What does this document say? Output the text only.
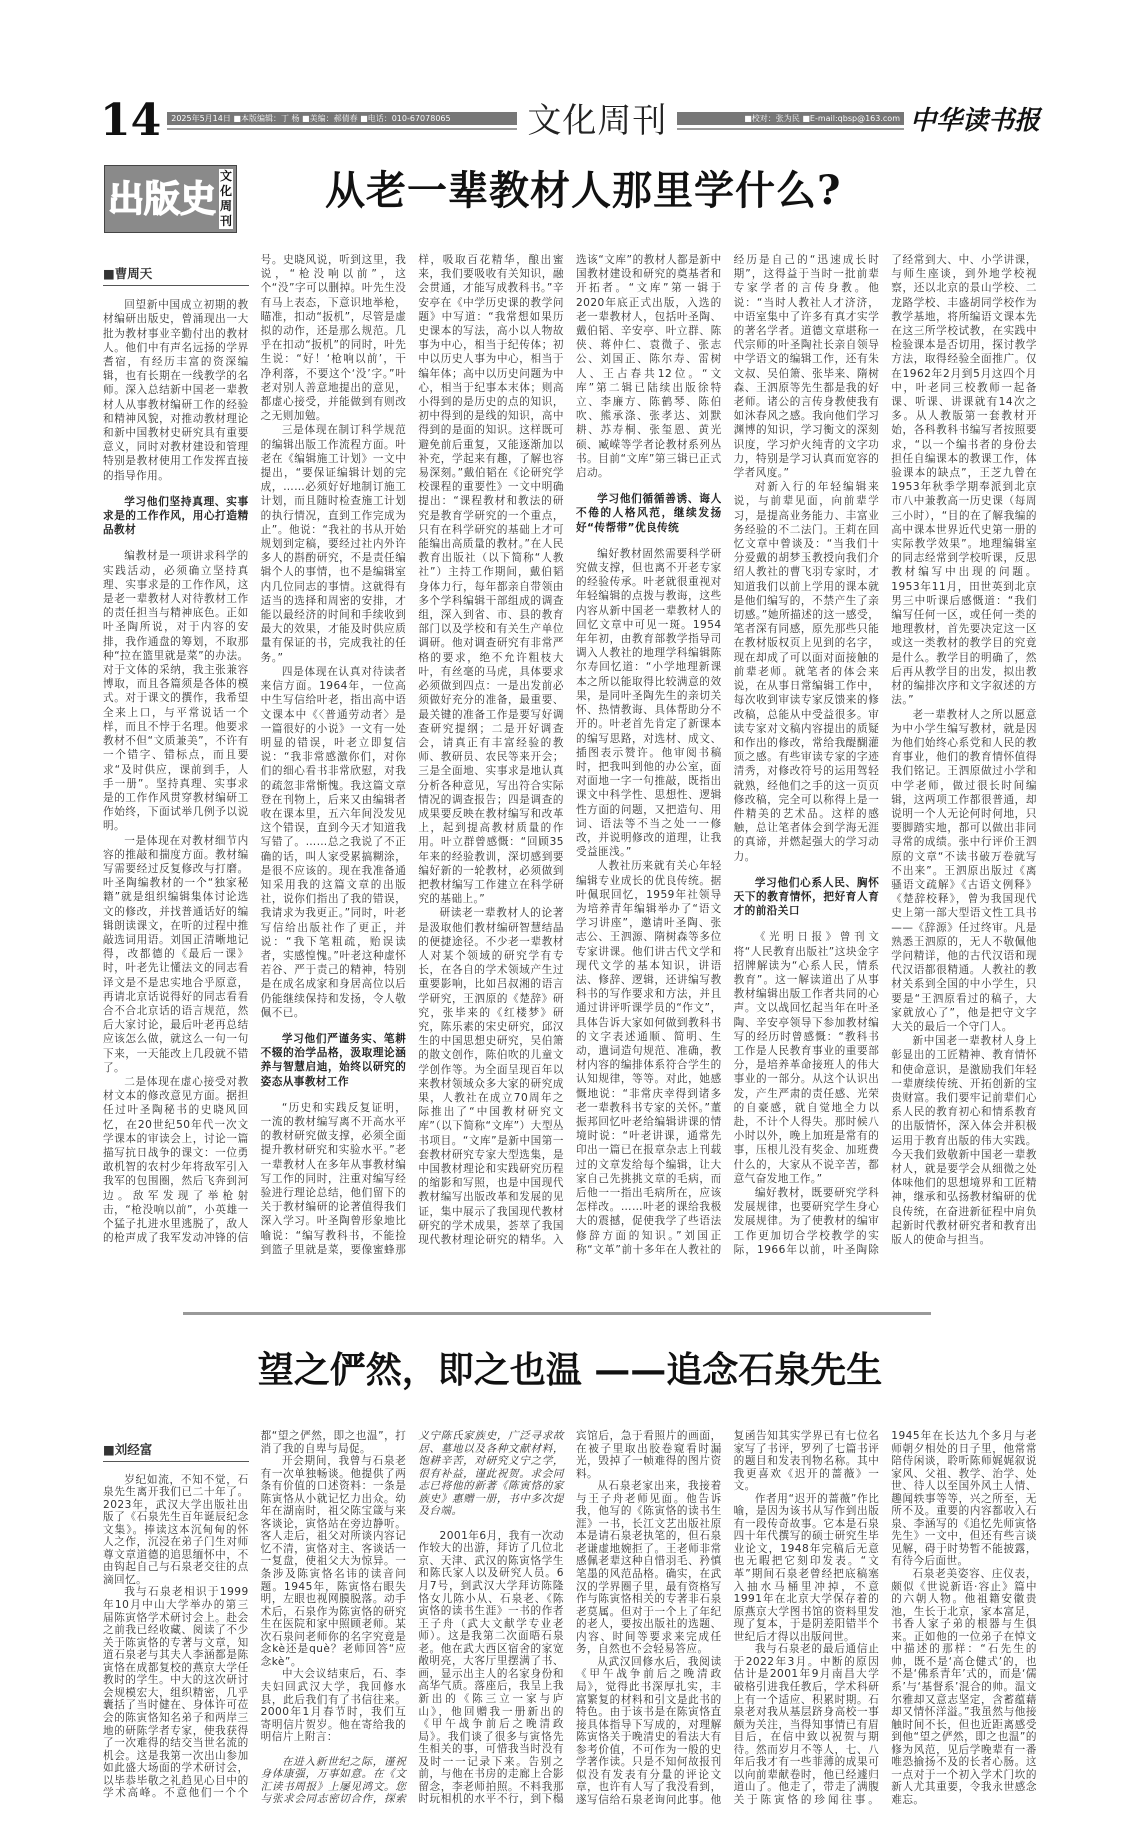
14	2025年5月14日 ■本版编辑：丁 杨 ■美编：郝倩春 ■电话：010-67078065	文化周刊	■校对：张为民 ■E-mail:qbsp@163.com 中华读书报
出版史
文化周刊
从老一辈教材人那里学什么?
■曹周天

回望新中国成立初期的教材编研出版史，曾涌现出一大批为教材事业辛勤付出的教材人。他们中有声名远扬的学界耆宿，有经历丰富的资深编辑，也有长期在一线教学的名师。深入总结新中国老一辈教材人从事教材编研工作的经验和精神风貌，对推动教材理论和新中国教材史研究具有重要意义，同时对教材建设和管理特别是教材使用工作发挥直接的指导作用。

学习他们坚持真理、实事求是的工作作风，用心打造精品教材

编教材是一项讲求科学的实践活动，必须确立坚持真理、实事求是的工作作风，这是老一辈教材人对待教材工作的责任担当与精神底色。正如叶圣陶所说，对于内容的安排，我作通盘的筹划，不取那种“拉在篮里就是菜”的办法。对于文体的采纳，我主张兼容博取，而且各篇须是各体的模式。对于课文的撰作，我希望全来上口，与平常说话一个样，而且不悖于名理。他要求教材不但“文质兼美”，不许有一个错字、错标点，而且要求“及时供应，课前到手，人手一册”。坚持真理、实事求是的工作作风贯穿教材编研工作始终，下面试举几例予以说明。

一是体现在对教材细节内容的推敲和揣度方面。教材编写需要经过反复修改与打磨。叶圣陶编教材的一个“独家秘籍”就是组织编辑集体讨论选文的修改，并找普通话好的编辑朗读课文，在听的过程中推敲选词用语。刘国正清晰地记得，改都德的《最后一课》时，叶老先让懂法文的同志看译文是不是忠实地合乎原意，再请北京话说得好的同志看看合不合北京话的语言规范，然后大家讨论，最后叶老再总结应该怎么做，就这么一句一句下来，一天能改上几段就不错了。

二是体现在虚心接受对教材文本的修改意见方面。据担任过叶圣陶秘书的史晓风回忆，在20世纪50年代一次文学课本的审读会上，讨论一篇描写抗日战争的课文：一位勇敢机智的农村少年将敌军引入我军的包围圈，然后飞奔到河边。敌军发现了举枪射击，“枪没响以前”，小英雄一个猛子扎进水里逃脱了，敌人的枪声成了我军发动冲锋的信号。史晓风说，听到这里，我说，“枪没响以前”，这个“没”字可以删掉。叶先生没有马上表态，下意识地举枪，瞄准，扣动“扳机”，尽管是虚拟的动作，还是那么规范。几乎在扣动“扳机”的同时，叶先生说：“好！‘枪响以前’，干净利落，不要这个‘没’字。”叶老对别人善意地提出的意见，都虚心接受，并能做到有则改之无则加勉。

三是体现在制订科学规范的编辑出版工作流程方面。叶老在《编辑施工计划》一文中提出，“要保证编辑计划的完成，……必须好好地制订施工计划，而且随时检查施工计划的执行情况，直到工作完成为止”。他说：“我社的书从开始规划到定稿，要经过社内外许多人的斟酌研究，不是责任编辑个人的事情，也不是编辑室内几位同志的事情。这就得有适当的选择和周密的安排，才能以最经济的时间和手续收到最大的效果，才能及时供应质量有保证的书，完成我社的任务。”

四是体现在认真对待读者来信方面。1964年，一位高中生写信给叶老，指出高中语文课本中《〈普通劳动者〉是一篇很好的小说》一文有一处明显的错误，叶老立即复信说：“我非常感激你们，对你们的细心看书非常欣慰，对我的疏忽非常惭愧。我这篇文章登在刊物上，后来又由编辑者收在课本里，五六年间没发见这个错误，直到今天才知道我写错了。……总之我说了不正确的话，叫人家受累搞糊涂，是很不应该的。现在我准备通知采用我的这篇文章的出版社，说你们指出了我的错误，我请求为我更正。”同时，叶老写信给出版社作了更正，并说：“我下笔粗疏，贻误读者，实感惶愧。”叶老这种虚怀若谷、严于责己的精神，特别是在成名成家和身居高位以后仍能继续保持和发扬，令人敬佩不已。

学习他们严谨务实、笔耕不辍的治学品格，汲取理论涵养与智慧启迪，始终以研究的姿态从事教材工作

“历史和实践反复证明，一流的教材编写离不开高水平的教材研究做支撑，必须全面提升教材研究和实验水平。”老一辈教材人在多年从事教材编写工作的同时，注重对编写经验进行理论总结，他们留下的关于教材编研的论著值得我们深入学习。叶圣陶曾形象地比喻说：“编写教科书，不能捡到篮子里就是菜，要像蜜蜂那样，吸取百花精华，酿出蜜来，我们要吸收有关知识，融会贯通，才能写成教科书。”辛安亭在《中学历史课的教学问题》中写道：“我常想如果历史课本的写法，高小以人物故事为中心，相当于纪传体；初中以历史人事为中心，相当于编年体；高中以历史问题为中心，相当于纪事本末体；则高小得到的是历史的点的知识，初中得到的是线的知识，高中得到的是面的知识。这样既可避免前后重复，又能逐渐加以补充，学起来有趣，了解也容易深刻。”戴伯韬在《论研究学校课程的重要性》一文中明确提出：“课程教材和教法的研究是教育学研究的一个重点，只有在科学研究的基础上才可能编出高质量的教材。”在人民教育出版社（以下简称“人教社”）主持工作期间，戴伯韬身体力行，每年都亲自带领由多个学科编辑干部组成的调查组，深入到省、市、县的教育部门以及学校和有关生产单位调研。他对调查研究有非常严格的要求，绝不允许粗枝大叶，有丝毫的马虎，具体要求必须做到四点：一是出发前必须做好充分的准备，最重要、最关键的准备工作是要写好调查研究提纲；二是开好调查会，请真正有丰富经验的教师、教研员、农民等来开会；三是全面地、实事求是地认真分析各种意见，写出符合实际情况的调查报告；四是调查的成果要反映在教材编写和改革上，起到提高教材质量的作用。叶立群曾感慨：“回顾35年来的经验教训，深切感到要编好新的一轮教材，必须做到把教材编写工作建立在科学研究的基础上。”

研读老一辈教材人的论著是汲取他们教材编研智慧结晶的便捷途径。不少老一辈教材人对某个领域的研究学有专长，在各自的学术领域产生过重要影响，比如吕叔湘的语言学研究，王泗原的《楚辞》研究，张毕来的《红楼梦》研究，陈乐素的宋史研究，邱汉生的中国思想史研究，吴伯箫的散文创作，陈伯吹的儿童文学创作等。为全面呈现百年以来教材领域众多大家的研究成果，人教社在成立70周年之际推出了“中国教材研究文库”（以下简称“文库”）大型丛书项目。“文库”是新中国第一套教材研究专家大型选集，是中国教材理论和实践研究历程的缩影和写照，也是中国现代教材编写出版改革和发展的见证，集中展示了我国现代教材研究的学术成果，荟萃了我国现代教材理论研究的精华。入选该“文库”的教材人都是新中国教材建设和研究的奠基者和开拓者。“文库”第一辑于2020年底正式出版，入选的老一辈教材人，包括叶圣陶、戴伯韬、辛安亭、叶立群、陈侠、蒋仲仁、袁微子、张志公、刘国正、陈尔寿、雷树人、王占春共12位。“文库”第二辑已陆续出版徐特立、李廉方、陈鹤琴、陈伯吹、熊承涤、张孝达、刘默耕、苏寿桐、张玺恩、黄光硕、臧嵘等学者论教材系列丛书。目前“文库”第三辑已正式启动。

学习他们循循善诱、诲人不倦的人格风范，继续发扬好“传帮带”优良传统

编好教材固然需要科学研究做支撑，但也离不开老专家的经验传承。叶老就很重视对年轻编辑的点拨与教诲，这些内容从新中国老一辈教材人的回忆文章中可见一斑。1954年年初，由教育部教学指导司调入人教社的地理学科编辑陈尔寿回忆道：“小学地理新课本之所以能取得比较满意的效果，是同叶圣陶先生的亲切关怀、热情教诲、具体帮助分不开的。叶老首先肯定了新课本的编写思路，对选材、成文、插图表示赞许。他审阅书稿时，把我叫到他的办公室，面对面地一字一句推敲，既指出课文中科学性、思想性、逻辑性方面的问题，又把造句、用词、语法等不当之处一一修改，并说明修改的道理，让我受益匪浅。”

人教社历来就有关心年轻编辑专业成长的优良传统。据叶佩珉回忆，1959年社领导为培养青年编辑举办了“语文学习讲座”，邀请叶圣陶、张志公、王泗源、隋树森等多位专家讲课。他们讲古代文学和现代文学的基本知识，讲语法、修辞、逻辑，还讲编写教科书的写作要求和方法，并且通过讲评听课学员的“作文”，具体告诉大家如何做到教科书的文字表述通顺、简明、生动，遣词造句规范、准确，教材内容的编排体系符合学生的认知规律，等等。对此，她感慨地说：“非常庆幸得到诸多老一辈教科书专家的关怀。”董振邦回忆叶老给编辑讲课的情境时说：“叶老讲课，通常先印出一篇已在报章杂志上刊载过的文章发给每个编辑，让大家自己先挑挑文章的毛病，而后他一一指出毛病所在，应该怎样改。……叶老的课给我极大的震撼，促使我学了些语法修辞方面的知识。”刘国正称“文革”前十多年在人教社的经历是自己的“迅速成长时期”，这得益于当时一批前辈专家学者的言传身教。他说：“当时人教社人才济济，中语室集中了许多有真才实学的著名学者。道德文章堪称一代宗师的叶圣陶社长亲自领导中学语文的编辑工作，还有朱文叔、吴伯箫、张毕来、隋树森、王泗原等先生都是我的好老师。诸公的言传身教使我有如沐春风之感。我向他们学习渊博的知识，学习衡文的深刻识度，学习炉火纯青的文字功力，特别是学习认真而宽容的学者风度。”

对新入行的年轻编辑来说，与前辈见面，向前辈学习，是提高业务能力、丰富业务经验的不二法门。王莉在回忆文章中曾谈及：“当我们十分爱戴的胡梦玉教授向我们介绍人教社的曹飞羽专家时，才知道我们以前上学用的课本就是他们编写的，不禁产生了亲切感。”她所描述的这一感受，笔者深有同感，原先那些只能在教材版权页上见到的名字，现在却成了可以面对面接触的前辈老师。就笔者的体会来说，在从事日常编辑工作中，每次收到审读专家反馈来的修改稿，总能从中受益很多。审读专家对文稿内容提出的质疑和作出的修改，常给我醍醐灌顶之感。有些审读专家的字迹清秀，对修改符号的运用驾轻就熟，经他们之手的这一页页修改稿，完全可以称得上是一件精美的艺术品。这样的感触，总让笔者体会到学海无涯的真谛，并燃起强大的学习动力。

学习他们心系人民、胸怀天下的教育情怀，把好育人育才的前沿关口

《光明日报》曾刊文将“人民教育出版社”这块金字招牌解读为“心系人民，情系教育”。这一解读道出了从事教材编辑出版工作者共同的心声。文以战回忆起当年在叶圣陶、辛安亭领导下参加教材编写的经历时曾感慨：“教科书工作是人民教育事业的重要部分，是培养革命接班人的伟大事业的一部分。从这个认识出发，产生严肃的责任感、光荣的自豪感，就自觉地全力以赴，不计个人得失。那时候八小时以外，晚上加班是常有的事，压根儿没有奖金、加班费什么的，大家从不说辛苦，都意气奋发地工作。”

编好教材，既要研究学科发展规律，也要研究学生身心发展规律。为了使教材的编审工作更加切合学校教学的实际，1966年以前，叶圣陶除了经常到大、中、小学讲课，与师生座谈，到外地学校视察，还以北京的景山学校、二龙路学校、丰盛胡同学校作为教学基地，将所编语文课本先在这三所学校试教，在实践中检验课本是否切用，探讨教学方法，取得经验全面推广。仅在1962年2月到5月这四个月中，叶老同三校教师一起备课、听课、讲课就有14次之多。从人教版第一套教材开始，各科教科书编写者按照要求，“以一个编书者的身份去担任自编课本的教课工作，体验课本的缺点”，王芝九曾在1953年秋季学期奉派到北京市八中兼教高一历史课（每周三小时），“目的在了解我编的高中课本世界近代史第一册的实际教学效果”。地理编辑室的同志经常到学校听课，反思教材编写中出现的问题。1953年11月，田世英到北京男三中听课后感慨道：“我们编写任何一区，或任何一类的地理教材，首先要决定这一区或这一类教材的教学目的究竟是什么。教学目的明确了，然后再从教学目的出发，拟出教材的编排次序和文字叙述的方法。”

老一辈教材人之所以愿意为中小学生编写教材，就是因为他们始终心系党和人民的教育事业，他们的教育情怀值得我们铭记。王泗原做过小学和中学老师，做过很长时间编辑，这两项工作都很普通，却说明一个人无论何时何地，只要脚踏实地，都可以做出非同寻常的成绩。张中行评价王泗原的文章“不读书破万卷就写不出来”。王泗原出版过《离骚语文疏解》《古语文例释》《楚辞校释》，曾为我国现代史上第一部大型语文性工具书——《辞源》任过终审。凡是熟悉王泗原的，无人不敬佩他学问精详，他的古代汉语和现代汉语都很精通。人教社的教材关系到全国的中小学生，只要是“王泗原看过的稿子，大家就放心了”，他是把守文字大关的最后一个守门人。

新中国老一辈教材人身上彰显出的工匠精神、教育情怀和使命意识，是激励我们年轻一辈赓续传统、开拓创新的宝贵财富。我们要牢记前辈们心系人民的教育初心和情系教育的出版情怀，深入体会并积极运用于教育出版的伟大实践。今天我们致敬新中国老一辈教材人，就是要学会从细微之处体味他们的思想境界和工匠精神，继承和弘扬教材编研的优良传统，在奋进新征程中肩负起新时代教材研究者和教育出版人的使命与担当。

望之俨然，即之也温 ——追念石泉先生
■刘经富

岁纪如流，不知不觉，石泉先生离开我们已二十年了。2023年，武汉大学出版社出版了《石泉先生百年诞辰纪念文集》。捧读这本沉甸甸的怀人之作，沉浸在弟子门生对师尊文章道德的追思缅怀中，不由钩起自己与石泉老交往的点滴回忆。

我与石泉老相识于1999年10月中山大学举办的第三届陈寅恪学术研讨会上。赴会之前我已经收藏、阅读了不少关于陈寅恪的专著与文章，知道石泉老与其夫人李涵都是陈寅恪在成都复校的燕京大学任教时的学生。中大的这次研讨会规模宏大，组织精密，几乎囊括了当时健在、身体许可莅会的陈寅恪知名弟子和两岸三地的研陈学者专家，使我获得了一次难得的结交当世名流的机会。这是我第一次出山参加如此盛大场面的学术研讨会，以毕恭毕敬之礼趋见心目中的学术高峰。不意他们一个个都“望之俨然，即之也温”，打消了我的自卑与局促。

开会期间，我曾与石泉老有一次单独畅谈。他提供了两条有价值的口述资料：一条是陈寅恪从小就记忆力出众。幼年在湖南时，祖父陈宝箴与来客谈论，寅恪站在旁边静听。客人走后，祖父对所谈内容记忆不清，寅恪对主、客谈话一一复盘，使祖父大为惊异。一条涉及陈寅恪名讳的读音问题。1945年，陈寅恪右眼失明，左眼也视网膜脱落。动手术后，石泉作为陈寅恪的研究生在医院和家中照顾老师。某次石泉问老师你的名字究竟是念kè还是què？老师回答“应念kè”。

中大会议结束后，石、李夫妇回武汉大学，我回修水县，此后我们有了书信往来。2000年1月春节时，我们互寄明信片贺岁。他在寄给我的明信片上附言：

在进入新世纪之际，谨祝身体康强，万事如意。在《文汇读书周报》上屡见鸿文。您与张求会同志密切合作，探索义宁陈氏家族史，广泛寻求故居、墓地以及各种文献材料，饱耕辛苦，对研究义宁之学，很有补益，谨此祝贺。求会同志已将他的新著《陈寅恪的家族史》惠赠一册，书中多次提及台端。

2001年6月，我有一次动作较大的出游，拜访了几位北京、天津、武汉的陈寅恪学生和陈氏家人以及研究人员。6月7号，到武汉大学拜访陈隆恪女儿陈小从、石泉老、《陈寅恪的读书生涯》一书的作者王子舟（武大文献学专业老师）。这是我第二次面晤石泉老。他在武大西区宿舍的家宽敞明亮，大客厅里摆满了书、画，显示出主人的名家身份和高华气质。落座后，我呈上我新出的《陈三立一家与庐山》，他回赠我一册新出的《甲午战争前后之晚清政局》。我们谈了很多与寅恪先生相关的事，可惜我当时没有及时一一记录下来。告别之前，与他在书房的走廊上合影留念，李老师拍照。不料我那时玩相机的水平不行，到下榻宾馆后，急于看照片的画面，在被子里取出胶卷窥看时漏光，毁掉了一帧难得的图片资料。

从石泉老家出来，我接着与王子舟老师见面。他告诉我，他写的《陈寅恪的读书生涯》一书，长江文艺出版社原本是请石泉老执笔的，但石泉老谦虚地婉拒了。王老师非常感佩老辈这种自惜羽毛、矜慎笔墨的风范品格。确实，在武汉的学界圈子里，最有资格写作与陈寅恪相关的专著非石泉老莫属。但对于一个上了年纪的老人，要按出版社的选题、内容、时间等要求来完成任务，自然也不会轻易答应。

从武汉回修水后，我阅读《甲午战争前后之晚清政局》，觉得此书深厚扎实，丰富繁复的材料和引文是此书的特色。由于该书是在陈寅恪直接具体指导下写成的，对理解陈寅恪关于晚清史的看法大有参考价值，不可作为一般的史学著作读。只是不知何故报刊似没有发表有分量的评论文章，也许有人写了我没看到，遂写信给石泉老询问此事。他复函告知其实学界已有七位名家写了书评，罗列了七篇书评的题目和发表刊物名称。其中我更喜欢《迟开的蔷薇》一文。

作者用“迟开的蔷薇”作比喻，是因为该书从写作到出版有一段传奇故事。它本是石泉四十年代撰写的硕士研究生毕业论文，1948年完稿后无意也无暇把它刻印发表。“文革”期间石泉老曾经把底稿塞入抽水马桶里冲掉，不意1991年在北京大学保存着的原燕京大学图书馆的资料里发现了复本，于是阴差阳错半个世纪后才得以出版问世。

我与石泉老的最后通信止于2022年3月。中断的原因估计是2001年9月南昌大学破格引进我任教后，学术科研上有一个适应、积累时期。石泉老对我从基层跻身高校一事颇为关注，当得知事情已有眉目后，在信中致以祝贺与期待。然而岁月不等人，七、八年后我才有一些菲薄的成果可以向前辈献卷时，他已经遽归道山了。他走了，带走了满腹关于陈寅恪的珍闻往事。1945年在长达九个多月与老师朝夕相处的日子里，他常常陪侍闲谈，聆听陈师娓娓叙说家风、父祖、教学、治学、处世、待人以至国外风土人情、趣闻轶事等等，兴之所至，无所不及。重要的内容都收入石泉、李涵写的《追忆先师寅恪先生》一文中，但还有些言谈见解，碍于时势暂不能披露，有待今后面世。

石泉老美姿容、庄仪表，颇似《世说新语·容止》篇中的六朝人物。他祖籍安徽贵池，生长于北京，家本富足，书香人家子弟的根器与生俱来。正如他的一位弟子在悼文中描述的那样：“石先生的帅，既不是‘高仓健式’的，也不是‘佛系青年’式的，而是‘儒系’与‘基督系’混合的帅。温文尔雅却又意志坚定，含蓄蕴藉却又情怀洋溢。”我虽然与他接触时间不长，但也近距离感受到他“望之俨然，即之也温”的修为风范，见后学晚辈有一番唯恐揄扬不及的长者心肠。这一点对于一个初入学术门坎的新人尤其重要，令我永世感念难忘。
